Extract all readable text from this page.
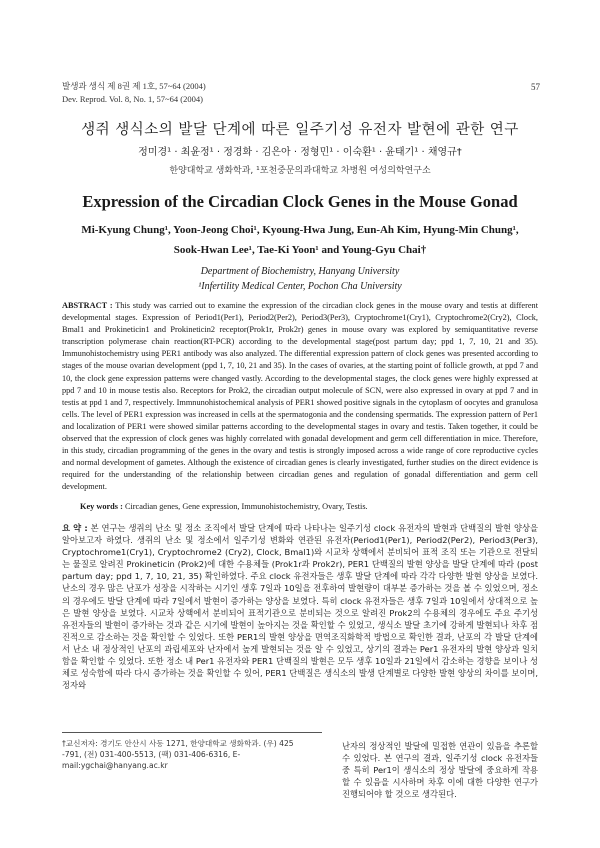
발생과 생식 제 8권 제 1호, 57~64 (2004)
Dev. Reprod. Vol. 8, No. 1, 57~64 (2004)
57
생쥐 생식소의 발달 단계에 따른 일주기성 유전자 발현에 관한 연구
정미경¹ · 최윤정¹ · 정경화 · 김은아 · 정형민¹ · 이숙환¹ · 윤태기¹ · 채영규†
한양대학교 생화학과, ¹포천중문의과대학교 차병원 여성의학연구소
Expression of the Circadian Clock Genes in the Mouse Gonad
Mi-Kyung Chung¹, Yoon-Jeong Choi¹, Kyoung-Hwa Jung, Eun-Ah Kim, Hyung-Min Chung¹,
Sook-Hwan Lee¹, Tae-Ki Yoon¹ and Young-Gyu Chai†
Department of Biochemistry, Hanyang University
¹Infertility Medical Center, Pochon Cha University
ABSTRACT : This study was carried out to examine the expression of the circadian clock genes in the mouse ovary and testis at different developmental stages. Expression of Period1(Per1), Period2(Per2), Period3(Per3), Cryptochrome1(Cry1), Cryptochrome2(Cry2), Clock, Bmal1 and Prokineticin1 and Prokineticin2 receptor(Prok1r, Prok2r) genes in mouse ovary was explored by semiquantitative reverse transcription polymerase chain reaction(RT-PCR) according to the developmental stage(post partum day; ppd 1, 7, 10, 21 and 35). Immunohistochemistry using PER1 antibody was also analyzed. The differential expression pattern of clock genes was presented according to stages of the mouse ovarian development (ppd 1, 7, 10, 21 and 35). In the cases of ovaries, at the starting point of follicle growth, at ppd 7 and 10, the clock gene expression patterns were changed vastly. According to the developmental stages, the clock genes were highly expressed at ppd 7 and 10 in mouse testis also. Receptors for Prok2, the circadian output molecule of SCN, were also expressed in ovary at ppd 7 and in testis at ppd 1 and 7, respectively. Immnunohistochemical analysis of PER1 showed positive signals in the cytoplasm of oocytes and granulosa cells. The level of PER1 expression was increased in cells at the spermatogonia and the condensing spermatids. The expression pattern of Per1 and localization of PER1 were showed similar patterns according to the developmental stages in ovary and testis. Taken together, it could be observed that the expression of clock genes was highly correlated with gonadal development and germ cell differentiation in mice. Therefore, in this study, circadian programming of the genes in the ovary and testis is strongly imposed across a wide range of core reproductive cycles and normal development of gametes. Although the existence of circadian genes is clearly investigated, further studies on the direct evidence is required for the understanding of the relationship between circadian genes and regulation of gonadal differentiation and germ cell development.
Key words : Circadian genes, Gene expression, Immunohistochemistry, Ovary, Testis.
요 약 : 본 연구는 생쥐의 난소 및 정소 조직에서 발달 단계에 따라 나타나는 일주기성 clock 유전자의 발현과 단백질의 발현 양상을 알아보고자 하였다. 생쥐의 난소 및 정소에서 일주기성 변화와 연관된 유전자(Period1(Per1), Period2(Per2), Period3(Per3), Cryptochrome1(Cry1), Cryptochrome2 (Cry2), Clock, Bmal1)와 시교차 상핵에서 분비되어 표적 조직 또는 기관으로 전달되는 물질로 알려진 Prokineticin (Prok2)에 대한 수용체들 (Prok1r과 Prok2r), PER1 단백질의 발현 양상을 발달 단계에 따라 (post partum day; ppd 1, 7, 10, 21, 35) 확인하였다. 주요 clock 유전자들은 생후 발달 단계에 따라 각각 다양한 발현 양상을 보였다. 난소의 경우 많은 난포가 성장을 시작하는 시기인 생후 7일과 10일을 전후하여 발현량이 대부분 증가하는 것을 볼 수 있었으며, 정소의 경우에도 발달 단계에 따라 7일에서 발현이 증가하는 양상을 보였다. 특히 clock 유전자들은 생후 7일과 10일에서 상대적으로 높은 발현 양상을 보였다. 시교차 상핵에서 분비되어 표적기관으로 분비되는 것으로 알려진 Prok2의 수용체의 경우에도 주요 주기성 유전자들의 발현이 증가하는 것과 같은 시기에 발현이 높아지는 것을 확인할 수 있었고, 생식소 발달 초기에 강하게 발현되나 차후 점진적으로 감소하는 것을 확인할 수 있었다. 또한 PER1의 발현 양상을 면역조직화학적 방법으로 확인한 결과, 난포의 각 발달 단계에서 난소 내 정상적인 난포의 과립세포와 난자에서 높게 발현되는 것을 알 수 있었고, 상기의 결과는 Per1 유전자의 발현 양상과 일치함을 확인할 수 있었다. 또한 정소 내 Per1 유전자와 PER1 단백질의 발현은 모두 생후 10일과 21일에서 감소하는 경향을 보이나 성체로 성숙함에 따라 다시 증가하는 것을 확인할 수 있어, PER1 단백질은 생식소의 발생 단계별로 다양한 발현 양상의 차이를 보이며, 정자와
난자의 정상적인 발달에 밀접한 연관이 있음을 추론할 수 있었다. 본 연구의 결과, 일주기성 clock 유전자들 중 특히 Per1이 생식소의 정상 발달에 중요하게 작용할 수 있음을 시사하며 차후 이에 대한 다양한 연구가 진행되어야 할 것으로 생각된다.
†교신저자: 경기도 안산시 사동 1271, 한양대학교 생화학과. (우) 425
-791, (전) 031-400-5513, (팩) 031-406-6316, E-mail:ygchai@hanyang.ac.kr
